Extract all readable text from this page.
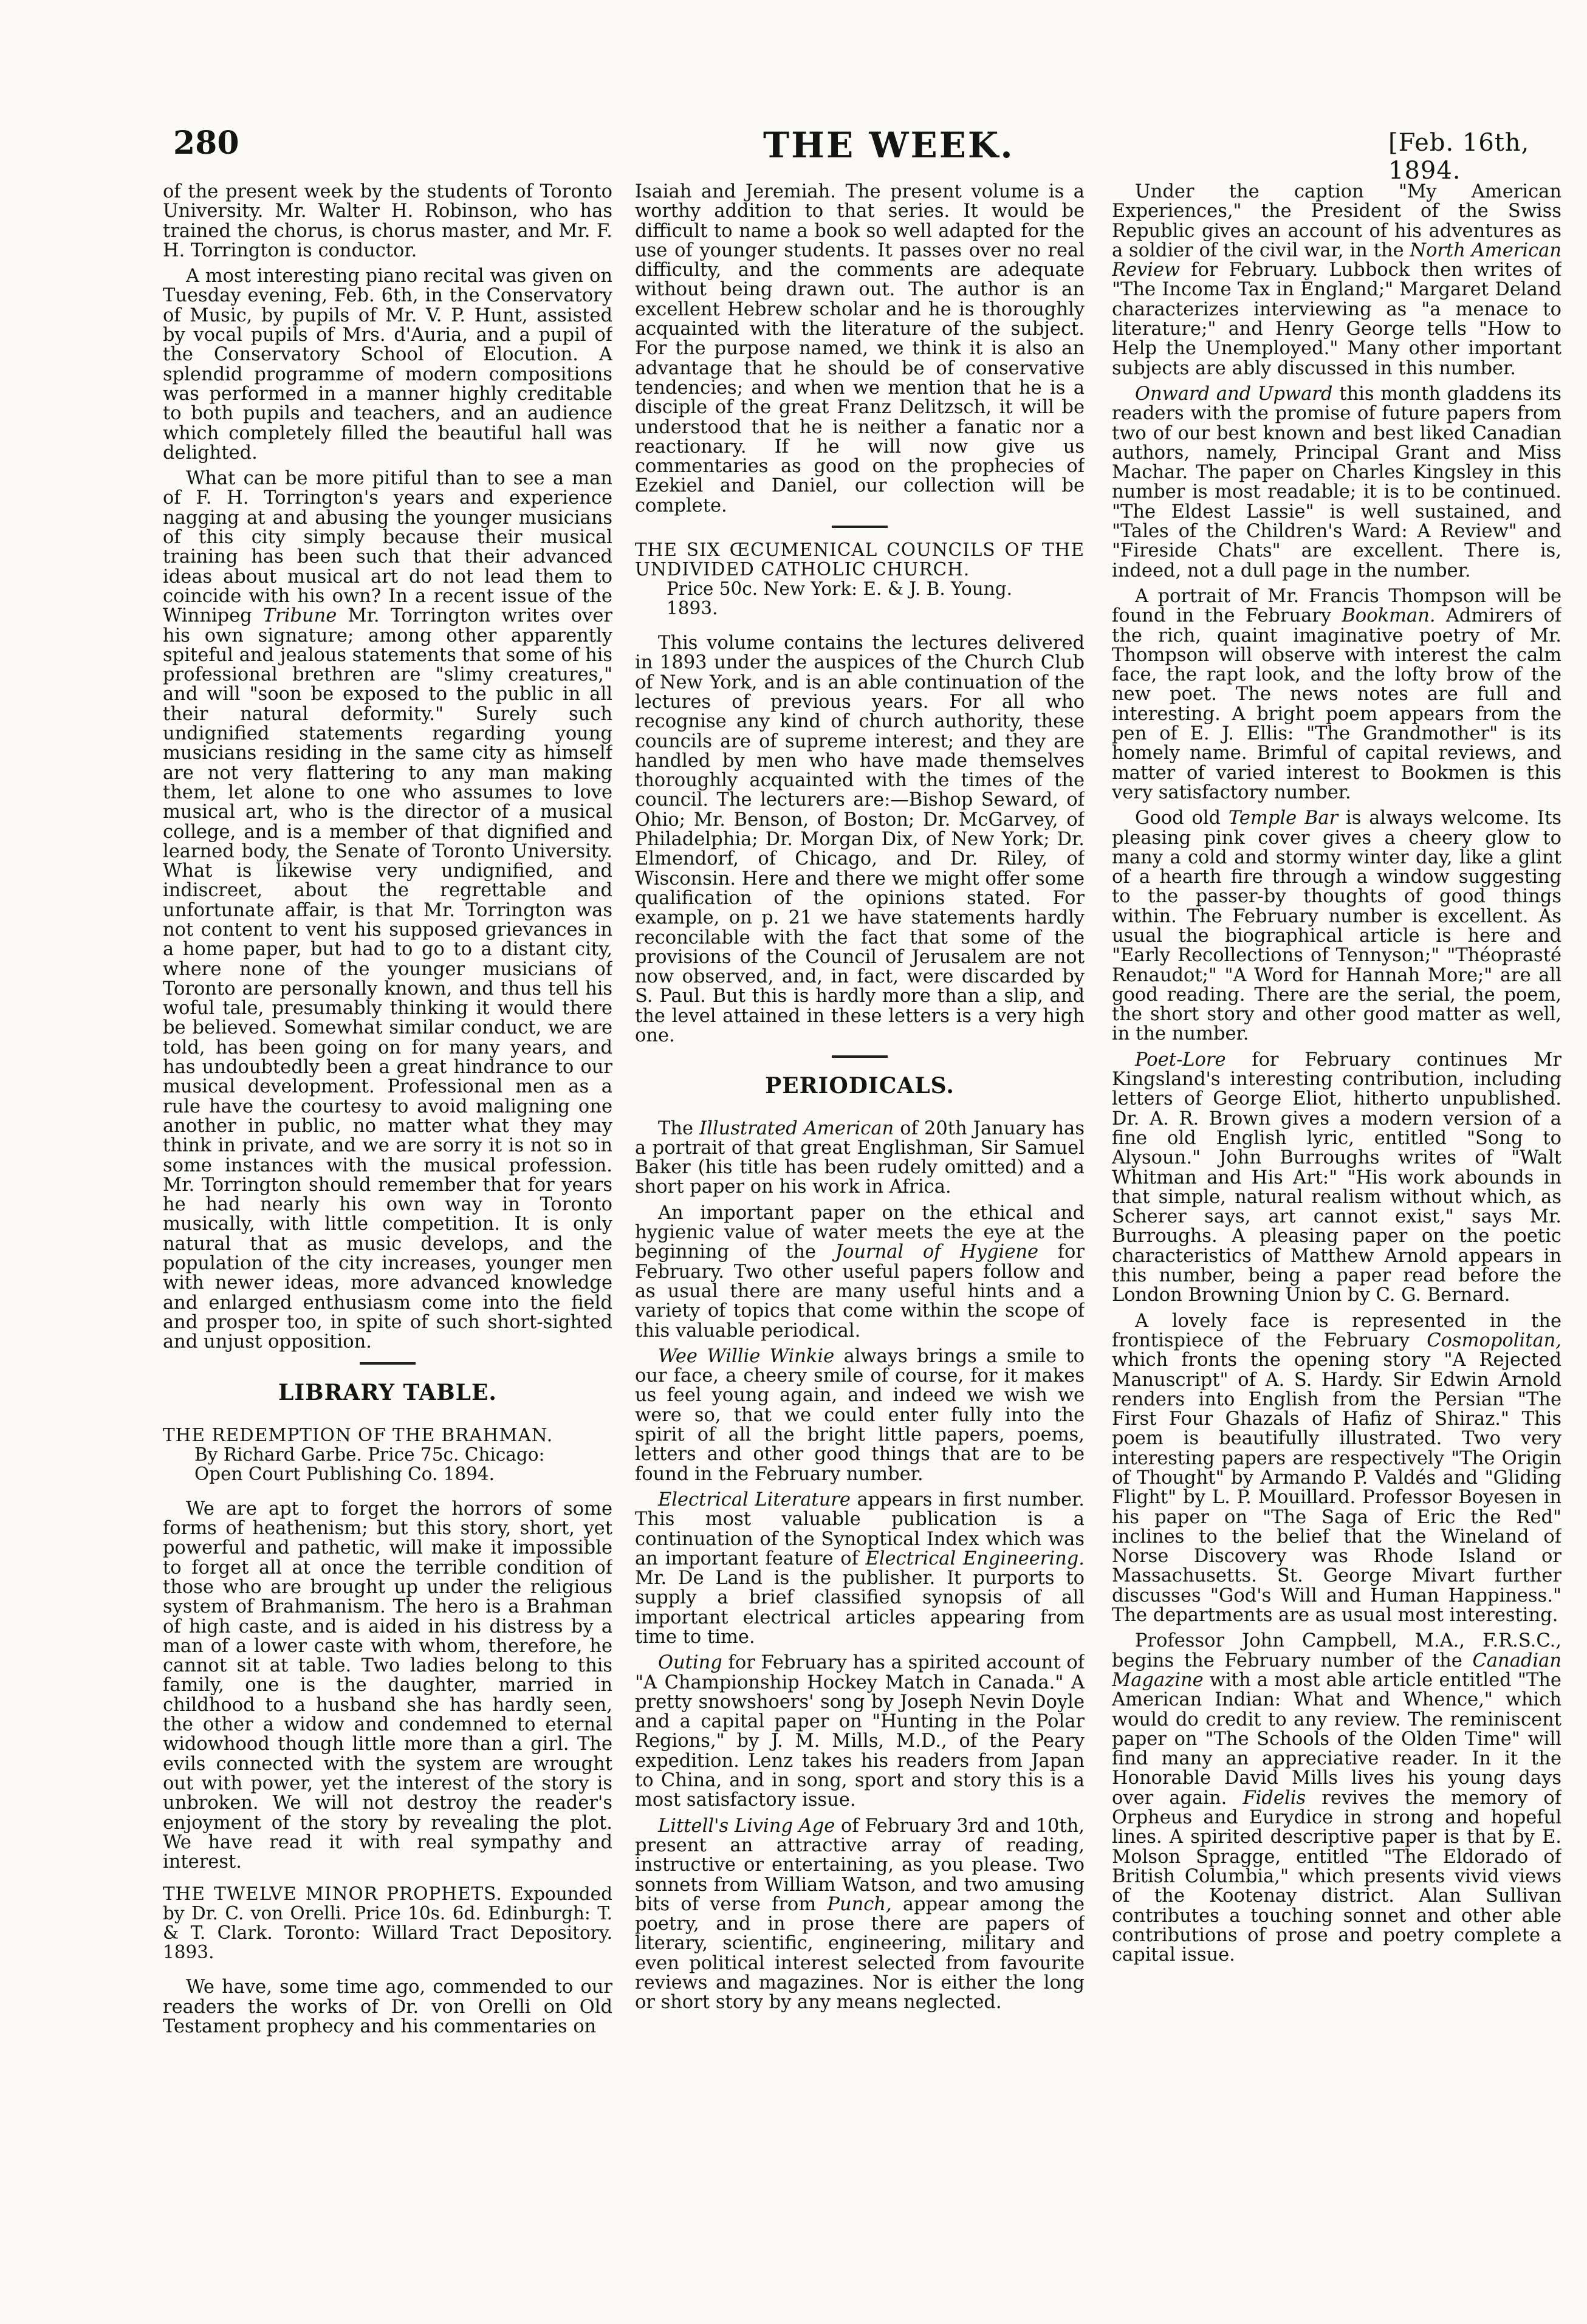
280	THE WEEK.	[Feb. 16th, 1894.

of the present week by the students of Toronto University. Mr. Walter H. Robinson, who has trained the chorus, is chorus master, and Mr. F. H. Torrington is conductor.

A most interesting piano recital was given on Tuesday evening, Feb. 6th, in the Conservatory of Music, by pupils of Mr. V. P. Hunt, assisted by vocal pupils of Mrs. d'Auria, and a pupil of the Conservatory School of Elocution. A splendid programme of modern compositions was performed in a manner highly creditable to both pupils and teachers, and an audience which completely filled the beautiful hall was delighted.

What can be more pitiful than to see a man of F. H. Torrington's years and experience nagging at and abusing the younger musicians of this city simply because their musical training has been such that their advanced ideas about musical art do not lead them to coincide with his own? In a recent issue of the Winnipeg Tribune Mr. Torrington writes over his own signature; among other apparently spiteful and jealous statements that some of his professional brethren are "slimy creatures," and will "soon be exposed to the public in all their natural deformity." Surely such undignified statements regarding young musicians residing in the same city as himself are not very flattering to any man making them, let alone to one who assumes to love musical art, who is the director of a musical college, and is a member of that dignified and learned body, the Senate of Toronto University. What is likewise very undignified, and indiscreet, about the regrettable and unfortunate affair, is that Mr. Torrington was not content to vent his supposed grievances in a home paper, but had to go to a distant city, where none of the younger musicians of Toronto are personally known, and thus tell his woful tale, presumably thinking it would there be believed. Somewhat similar conduct, we are told, has been going on for many years, and has undoubtedly been a great hindrance to our musical development. Professional men as a rule have the courtesy to avoid maligning one another in public, no matter what they may think in private, and we are sorry it is not so in some instances with the musical profession. Mr. Torrington should remember that for years he had nearly his own way in Toronto musically, with little competition. It is only natural that as music develops, and the population of the city increases, younger men with newer ideas, more advanced knowledge and enlarged enthusiasm come into the field and prosper too, in spite of such short-sighted and unjust opposition.

LIBRARY TABLE.
THE REDEMPTION OF THE BRAHMAN.
By Richard Garbe. Price 75c. Chicago:
Open Court Publishing Co. 1894.

We are apt to forget the horrors of some forms of heathenism; but this story, short, yet powerful and pathetic, will make it impossible to forget all at once the terrible condition of those who are brought up under the religious system of Brahmanism. The hero is a Brahman of high caste, and is aided in his distress by a man of a lower caste with whom, therefore, he cannot sit at table. Two ladies belong to this family, one is the daughter, married in childhood to a husband she has hardly seen, the other a widow and condemned to eternal widowhood though little more than a girl. The evils connected with the system are wrought out with power, yet the interest of the story is unbroken. We will not destroy the reader's enjoyment of the story by revealing the plot. We have read it with real sympathy and interest.

THE TWELVE MINOR PROPHETS. Expounded by Dr. C. von Orelli. Price 10s. 6d. Edinburgh: T. & T. Clark. Toronto: Willard Tract Depository. 1893.

We have, some time ago, commended to our readers the works of Dr. von Orelli on Old Testament prophecy and his commentaries on

Isaiah and Jeremiah. The present volume is a worthy addition to that series. It would be difficult to name a book so well adapted for the use of younger students. It passes over no real difficulty, and the comments are adequate without being drawn out. The author is an excellent Hebrew scholar and he is thoroughly acquainted with the literature of the subject. For the purpose named, we think it is also an advantage that he should be of conservative tendencies; and when we mention that he is a disciple of the great Franz Delitzsch, it will be understood that he is neither a fanatic nor a reactionary. If he will now give us commentaries as good on the prophecies of Ezekiel and Daniel, our collection will be complete.

THE SIX ŒCUMENICAL COUNCILS OF THE UNDIVIDED CATHOLIC CHURCH.
Price 50c. New York: E. & J. B. Young.
1893.

This volume contains the lectures delivered in 1893 under the auspices of the Church Club of New York, and is an able continuation of the lectures of previous years. For all who recognise any kind of church authority, these councils are of supreme interest; and they are handled by men who have made themselves thoroughly acquainted with the times of the council. The lecturers are:—Bishop Seward, of Ohio; Mr. Benson, of Boston; Dr. McGarvey, of Philadelphia; Dr. Morgan Dix, of New York; Dr. Elmendorf, of Chicago, and Dr. Riley, of Wisconsin. Here and there we might offer some qualification of the opinions stated. For example, on p. 21 we have statements hardly reconcilable with the fact that some of the provisions of the Council of Jerusalem are not now observed, and, in fact, were discarded by S. Paul. But this is hardly more than a slip, and the level attained in these letters is a very high one.

PERIODICALS.

The Illustrated American of 20th January has a portrait of that great Englishman, Sir Samuel Baker (his title has been rudely omitted) and a short paper on his work in Africa.

An important paper on the ethical and hygienic value of water meets the eye at the beginning of the Journal of Hygiene for February. Two other useful papers follow and as usual there are many useful hints and a variety of topics that come within the scope of this valuable periodical.

Wee Willie Winkie always brings a smile to our face, a cheery smile of course, for it makes us feel young again, and indeed we wish we were so, that we could enter fully into the spirit of all the bright little papers, poems, letters and other good things that are to be found in the February number.

Electrical Literature appears in first number. This most valuable publication is a continuation of the Synoptical Index which was an important feature of Electrical Engineering. Mr. De Land is the publisher. It purports to supply a brief classified synopsis of all important electrical articles appearing from time to time.

Outing for February has a spirited account of "A Championship Hockey Match in Canada." A pretty snowshoers' song by Joseph Nevin Doyle and a capital paper on "Hunting in the Polar Regions," by J. M. Mills, M.D., of the Peary expedition. Lenz takes his readers from Japan to China, and in song, sport and story this is a most satisfactory issue.

Littell's Living Age of February 3rd and 10th, present an attractive array of reading, instructive or entertaining, as you please. Two sonnets from William Watson, and two amusing bits of verse from Punch, appear among the poetry, and in prose there are papers of literary, scientific, engineering, military and even political interest selected from favourite reviews and magazines. Nor is either the long or short story by any means neglected.

Under the caption "My American Experiences," the President of the Swiss Republic gives an account of his adventures as a soldier of the civil war, in the North American Review for February. Lubbock then writes of "The Income Tax in England;" Margaret Deland characterizes interviewing as "a menace to literature;" and Henry George tells "How to Help the Unemployed." Many other important subjects are ably discussed in this number.

Onward and Upward this month gladdens its readers with the promise of future papers from two of our best known and best liked Canadian authors, namely, Principal Grant and Miss Machar. The paper on Charles Kingsley in this number is most readable; it is to be continued. "The Eldest Lassie" is well sustained, and "Tales of the Children's Ward: A Review" and "Fireside Chats" are excellent. There is, indeed, not a dull page in the number.

A portrait of Mr. Francis Thompson will be found in the February Bookman. Admirers of the rich, quaint imaginative poetry of Mr. Thompson will observe with interest the calm face, the rapt look, and the lofty brow of the new poet. The news notes are full and interesting. A bright poem appears from the pen of E. J. Ellis: "The Grandmother" is its homely name. Brimful of capital reviews, and matter of varied interest to Bookmen is this very satisfactory number.

Good old Temple Bar is always welcome. Its pleasing pink cover gives a cheery glow to many a cold and stormy winter day, like a glint of a hearth fire through a window suggesting to the passer-by thoughts of good things within. The February number is excellent. As usual the biographical article is here and "Early Recollections of Tennyson;" "Théoprasté Renaudot;" "A Word for Hannah More;" are all good reading. There are the serial, the poem, the short story and other good matter as well, in the number.

Poet-Lore for February continues Mr Kingsland's interesting contribution, including letters of George Eliot, hitherto unpublished. Dr. A. R. Brown gives a modern version of a fine old English lyric, entitled "Song to Alysoun." John Burroughs writes of "Walt Whitman and His Art:" "His work abounds in that simple, natural realism without which, as Scherer says, art cannot exist," says Mr. Burroughs. A pleasing paper on the poetic characteristics of Matthew Arnold appears in this number, being a paper read before the London Browning Union by C. G. Bernard.

A lovely face is represented in the frontispiece of the February Cosmopolitan, which fronts the opening story "A Rejected Manuscript" of A. S. Hardy. Sir Edwin Arnold renders into English from the Persian "The First Four Ghazals of Hafiz of Shiraz." This poem is beautifully illustrated. Two very interesting papers are respectively "The Origin of Thought" by Armando P. Valdés and "Gliding Flight" by L. P. Mouillard. Professor Boyesen in his paper on "The Saga of Eric the Red" inclines to the belief that the Wineland of Norse Discovery was Rhode Island or Massachusetts. St. George Mivart further discusses "God's Will and Human Happiness." The departments are as usual most interesting.

Professor John Campbell, M.A., F.R.S.C., begins the February number of the Canadian Magazine with a most able article entitled "The American Indian: What and Whence," which would do credit to any review. The reminiscent paper on "The Schools of the Olden Time" will find many an appreciative reader. In it the Honorable David Mills lives his young days over again. Fidelis revives the memory of Orpheus and Eurydice in strong and hopeful lines. A spirited descriptive paper is that by E. Molson Spragge, entitled "The Eldorado of British Columbia," which presents vivid views of the Kootenay district. Alan Sullivan contributes a touching sonnet and other able contributions of prose and poetry complete a capital issue.
